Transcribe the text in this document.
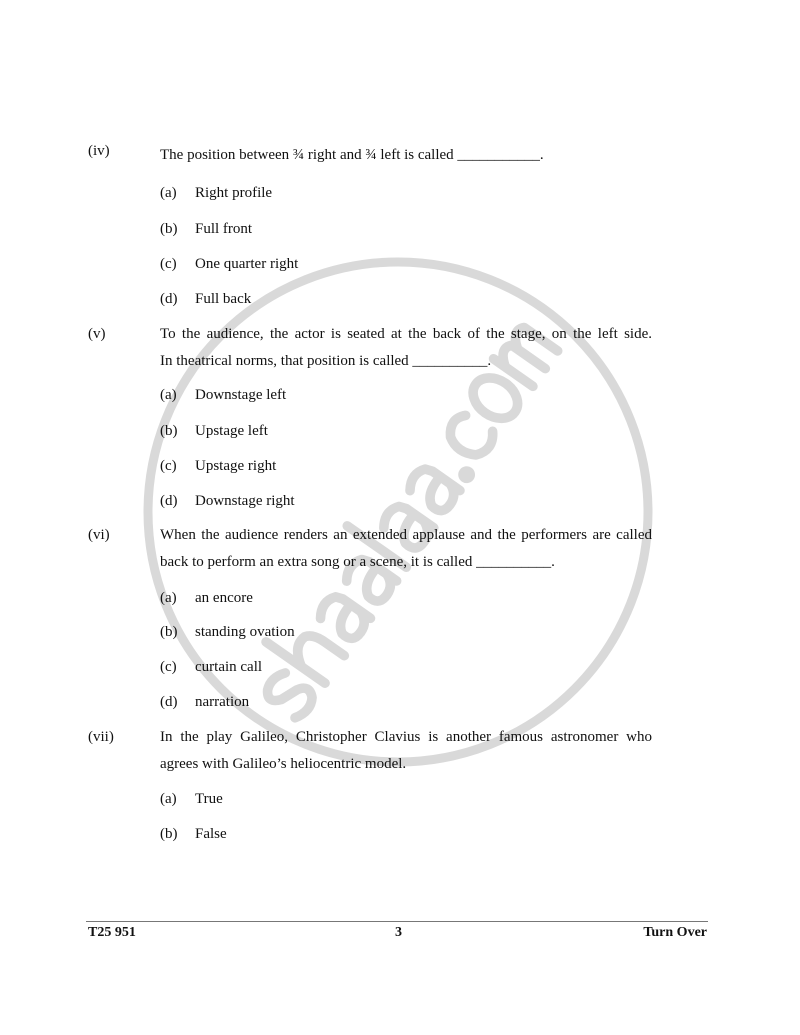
(iv)	The position between ¾ right and ¾ left is called ___________.
(a) Right profile
(b) Full front
(c) One quarter right
(d) Full back
(v)	To the audience, the actor is seated at the back of the stage, on the left side.
In theatrical norms, that position is called __________.
(a) Downstage left
(b) Upstage left
(c) Upstage right
(d) Downstage right
(vi)	When the audience renders an extended applause and the performers are called
back to perform an extra song or a scene, it is called __________.
(a) an encore
(b) standing ovation
(c) curtain call
(d) narration
(vii)	In the play Galileo, Christopher Clavius is another famous astronomer who
agrees with Galileo’s heliocentric model.
(a) True
(b) False
T25 951	3	Turn Over
